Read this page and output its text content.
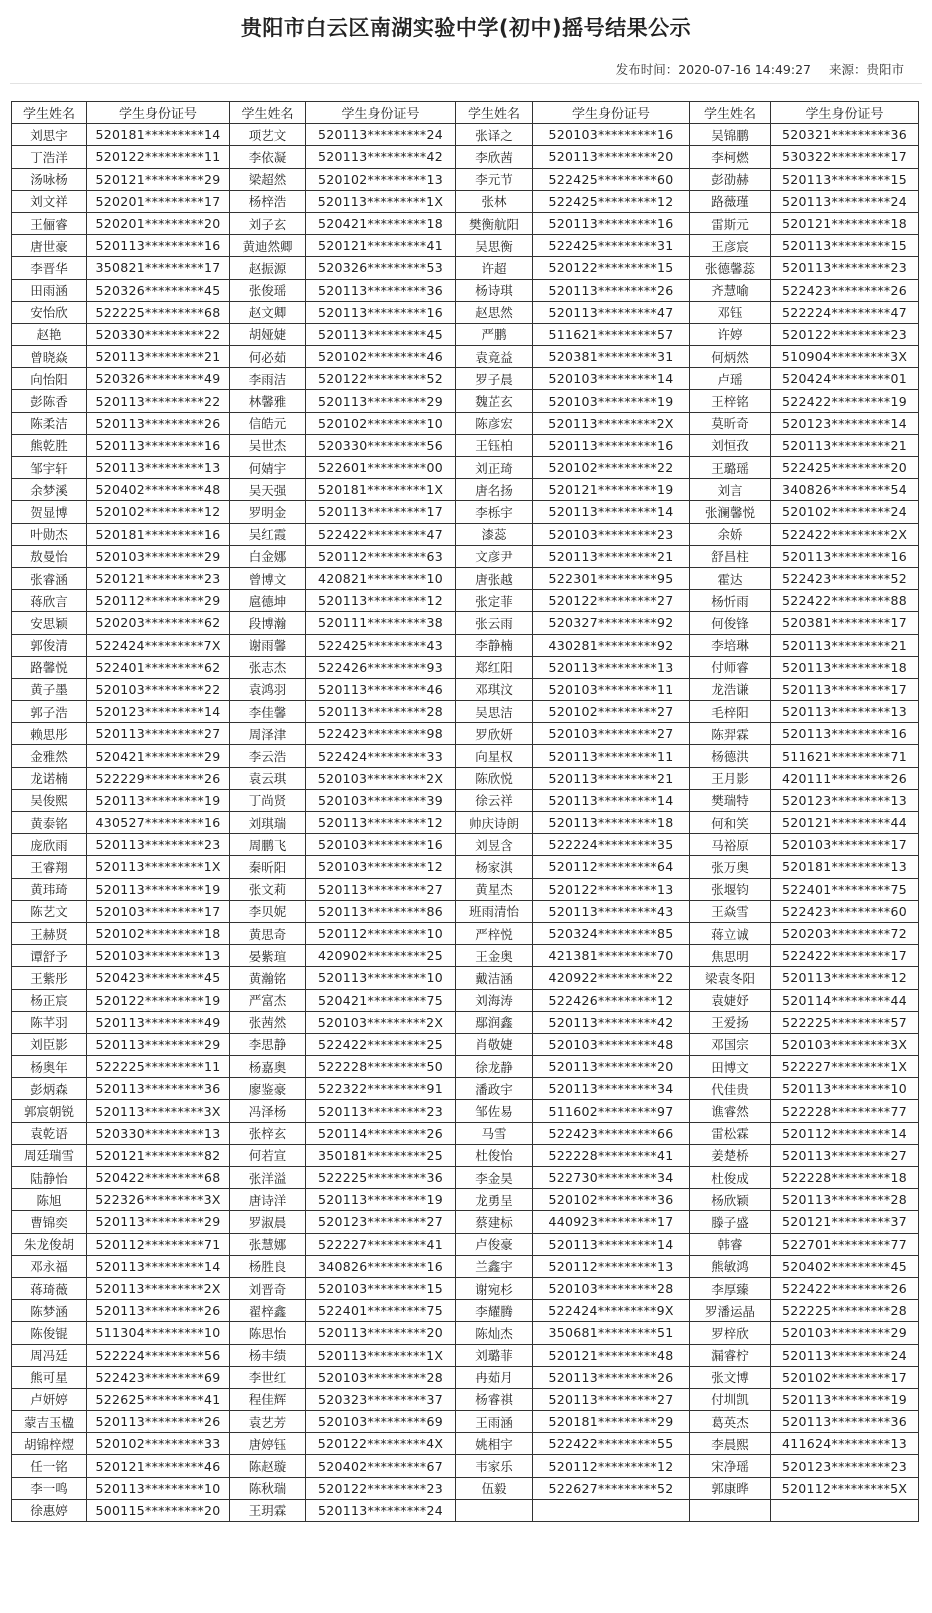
贵阳市白云区南湖实验中学(初中)摇号结果公示
发布时间：2020-07-16 14:49:27 来源：贵阳市
学生姓名	学生身份证号	学生姓名	学生身份证号	学生姓名	学生身份证号	学生姓名	学生身份证号
刘思宇	520181*********14	项艺文	520113*********24	张译之	520103*********16	吴锦鹏	520321*********36
丁浩洋	520122*********11	李依凝	520113*********42	李欣茜	520113*********20	李柯燃	530322*********17
汤咏杨	520121*********29	梁超然	520102*********13	李元节	522425*********60	彭劭赫	520113*********15
刘文祥	520201*********17	杨梓浩	520113*********1X	张林	522425*********12	路薇瑾	520113*********24
王俪睿	520201*********20	刘子玄	520421*********18	樊衡航阳	520113*********16	雷斯元	520121*********18
唐世豪	520113*********16	黄迪然卿	520121*********41	吴思衡	522425*********31	王彦宸	520113*********15
李晋华	350821*********17	赵振源	520326*********53	许超	520122*********15	张德馨蕊	520113*********23
田雨涵	520326*********45	张俊瑶	520113*********36	杨诗琪	520113*********26	齐慧喻	522423*********26
安怡欣	522225*********68	赵文卿	520113*********16	赵思然	520113*********47	邓钰	522224*********47
赵艳	520330*********22	胡娅婕	520113*********45	严鹏	511621*********57	许婷	520122*********23
曾晓焱	520113*********21	何必茹	520102*********46	袁竟益	520381*********31	何炳然	510904*********3X
向怡阳	520326*********49	李雨洁	520122*********52	罗子晨	520103*********14	卢瑶	520424*********01
彭陈香	520113*********22	林馨雅	520113*********29	魏芷玄	520103*********19	王梓铭	522422*********19
陈柔洁	520113*********26	信皓元	520102*********10	陈彦宏	520113*********2X	莫昕奇	520123*********14
熊乾胜	520113*********16	吴世杰	520330*********56	王钰柏	520113*********16	刘恒孜	520113*********21
邹宇轩	520113*********13	何婧宇	522601*********00	刘正琦	520102*********22	王璐瑶	522425*********20
余梦溪	520402*********48	吴天强	520181*********1X	唐名扬	520121*********19	刘言	340826*********54
贺显博	520102*********12	罗明金	520113*********17	李栎宇	520113*********14	张澜馨悦	520102*********24
叶勋杰	520181*********16	吴红霞	522422*********47	漆蕊	520103*********23	余娇	522422*********2X
敖曼怡	520103*********29	白金娜	520112*********63	文彦尹	520113*********21	舒昌柱	520113*********16
张睿涵	520121*********23	曾博文	420821*********10	唐张越	522301*********95	霍达	522423*********52
蒋欣言	520112*********29	扈德坤	520113*********12	张定菲	520122*********27	杨忻雨	522422*********88
安思颖	520203*********62	段博瀚	520111*********38	张云雨	520327*********92	何俊锋	520381*********17
郭俊清	522424*********7X	谢雨馨	522425*********43	李静楠	430281*********92	李培琳	520113*********21
路馨悦	522401*********62	张志杰	522426*********93	郑红阳	520113*********13	付师睿	520113*********18
黄子墨	520103*********22	袁鸿羽	520113*********46	邓琪汶	520103*********11	龙浩谦	520113*********17
郭子浩	520123*********14	李佳馨	520113*********28	吴思洁	520102*********27	毛梓阳	520113*********13
赖思彤	520113*********27	周泽津	522423*********98	罗欣妍	520103*********27	陈羿霖	520113*********16
金雅然	520421*********29	李云浩	522424*********33	向星权	520113*********11	杨德洪	511621*********71
龙诺楠	522229*********26	袁云琪	520103*********2X	陈欣悦	520113*********21	王月影	420111*********26
吴俊熙	520113*********19	丁尚贤	520103*********39	徐云祥	520113*********14	樊瑞特	520123*********13
黄泰铭	430527*********16	刘琪瑞	520113*********12	帅庆诗朗	520113*********18	何和笑	520121*********44
庞欣雨	520113*********23	周鹏飞	520103*********16	刘昱含	522224*********35	马裕原	520103*********17
王睿翔	520113*********1X	秦昕阳	520103*********12	杨家淇	520112*********64	张万奥	520181*********13
黄玮琦	520113*********19	张文莉	520113*********27	黄星杰	520122*********13	张堰钧	522401*********75
陈艺文	520103*********17	李贝妮	520113*********86	班雨清怡	520113*********43	王焱雪	522423*********60
王赫贤	520102*********18	黄思奇	520112*********10	严梓悦	520324*********85	蒋立诚	520203*********72
谭舒予	520103*********13	晏紫瑄	420902*********25	王金奥	421381*********70	焦思明	522422*********17
王紫彤	520423*********45	黄瀚铭	520113*********10	戴洁涵	420922*********22	梁袁冬阳	520113*********12
杨正宸	520122*********19	严富杰	520421*********75	刘海涛	522426*********12	袁婕妤	520114*********44
陈芊羽	520113*********49	张茜然	520103*********2X	鄢润鑫	520113*********42	王爱扬	522225*********57
刘臣影	520113*********29	李思静	522422*********25	肖敬婕	520103*********48	邓国宗	520103*********3X
杨奥年	522225*********11	杨嘉奥	522228*********50	徐龙静	520113*********20	田博文	522227*********1X
彭炳森	520113*********36	廖鉴豪	522322*********91	潘政宇	520113*********34	代佳贵	520113*********10
郭宸朝锐	520113*********3X	冯泽杨	520113*********23	邹佐易	511602*********97	谯睿然	522228*********77
袁乾语	520330*********13	张梓玄	520114*********26	马雪	522423*********66	雷松霖	520112*********14
周廷瑞雪	520121*********82	何若宣	350181*********25	杜俊怡	522228*********41	姜楚桥	520113*********27
陆静怡	520422*********68	张洋溢	522225*********36	李金昊	522730*********34	杜俊成	522228*********18
陈旭	522326*********3X	唐诗洋	520113*********19	龙勇呈	520102*********36	杨欣颖	520113*********28
曹锦奕	520113*********29	罗淑晨	520123*********27	蔡建标	440923*********17	滕子盛	520121*********37
朱龙俊胡	520112*********71	张慧娜	522227*********41	卢俊豪	520113*********14	韩睿	522701*********77
邓永福	520113*********14	杨胜良	340826*********16	兰鑫宇	520112*********13	熊敏鸿	520402*********45
蒋琦薇	520113*********2X	刘晋奇	520103*********15	谢宛杉	520103*********28	李厚臻	522422*********26
陈梦涵	520113*********26	翟梓鑫	522401*********75	李耀腾	522424*********9X	罗潘运晶	522225*********28
陈俊锟	511304*********10	陈思怡	520113*********20	陈灿杰	350681*********51	罗梓欣	520103*********29
周冯廷	522224*********56	杨丰绩	520113*********1X	刘璐菲	520121*********48	漏睿柠	520113*********24
熊可星	522423*********69	李世红	520103*********28	冉茹月	520113*********26	张文博	520102*********17
卢妍婷	522625*********41	程佳辉	520323*********37	杨睿祺	520113*********27	付圳凯	520113*********19
蒙吉玉楹	520113*********26	袁艺芳	520103*********69	王雨涵	520181*********29	葛英杰	520113*********36
胡锦梓熤	520102*********33	唐婷钰	520122*********4X	姚相宇	522422*********55	李晨熙	411624*********13
任一铭	520121*********46	陈赵璇	520402*********67	韦家乐	520112*********12	宋净瑶	520123*********23
李一鸣	520113*********10	陈秋瑞	520122*********23	伍毅	522627*********52	郭康晔	520112*********5X
徐惠婷	500115*********20	王玥霖	520113*********24				
